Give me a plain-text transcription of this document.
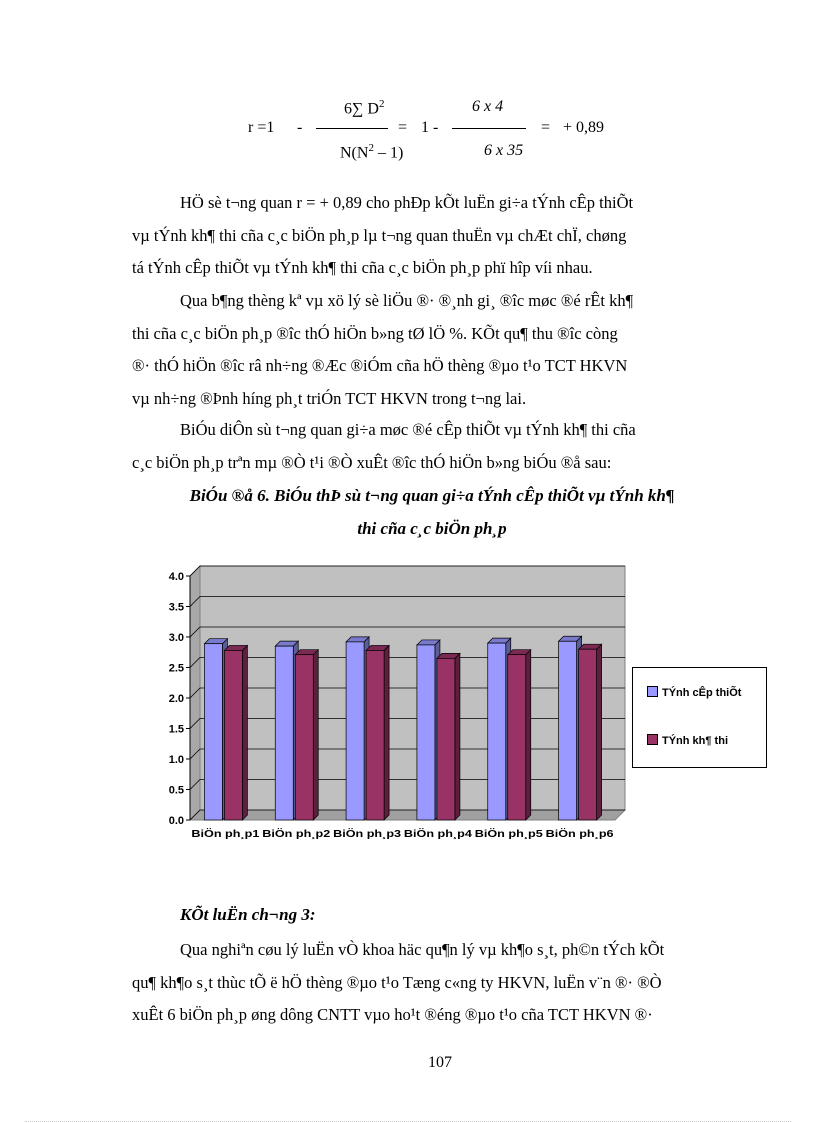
r =1 -
6∑ $D^2$
$N(N^2 - 1)$
= 1 -
6 x 4
6 x 35
= + 0,89
HÖ sè t¬ng quan r = + 0,89 cho phÐp kÕt luËn gi÷a tÝnh cÊp thiÕt
vµ tÝnh kh¶ thi cña c¸c biÖn ph¸p lµ t¬ng quan thuËn vµ chÆt chÏ, chøng
tá tÝnh cÊp thiÕt vµ tÝnh kh¶ thi cña c¸c biÖn ph¸p phï hîp víi nhau.
Qua b¶ng thèng kª vµ xö lý sè liÖu ®· ®¸nh gi¸ ®îc møc ®é rÊt kh¶
thi cña c¸c biÖn ph¸p ®îc thÓ hiÖn b»ng tØ lÖ %. KÕt qu¶ thu ®îc còng
®· thÓ hiÖn ®îc râ nh÷ng ®Æc ®iÓm cña hÖ thèng ®µo t¹o TCT HKVN
vµ nh÷ng ®Þnh híng ph¸t triÓn TCT HKVN trong t¬ng lai.
BiÓu diÔn sù t¬ng quan gi÷a møc ®é cÊp thiÕt vµ tÝnh kh¶ thi cña
c¸c biÖn ph¸p trªn mµ ®Ò t¹i ®Ò xuÊt ®îc thÓ hiÖn b»ng biÓu ®å sau:
BiÓu ®å 6. BiÓu thÞ sù t¬ng quan gi÷a tÝnh cÊp thiÕt vµ tÝnh kh¶
thi cña c¸c biÖn ph¸p
0.0
0.5
1.0
1.5
2.0
2.5
3.0
3.5
4.0
BiÖn ph¸p1	BiÖn ph¸p2	BiÖn ph¸p3	BiÖn ph¸p4	BiÖn ph¸p5	BiÖn ph¸p6
TÝnh cÊp thiÕt
TÝnh kh¶ thi
KÕt luËn ch¬ng 3:
Qua nghiªn cøu lý luËn vÒ khoa häc qu¶n lý vµ kh¶o s¸t, ph©n tÝch kÕt
qu¶ kh¶o s¸t thùc tÕ ë hÖ thèng ®µo t¹o Tæng c«ng ty HKVN, luËn v¨n ®· ®Ò
xuÊt 6 biÖn ph¸p øng dông CNTT vµo ho¹t ®éng ®µo t¹o cña TCT HKVN ®·
107
